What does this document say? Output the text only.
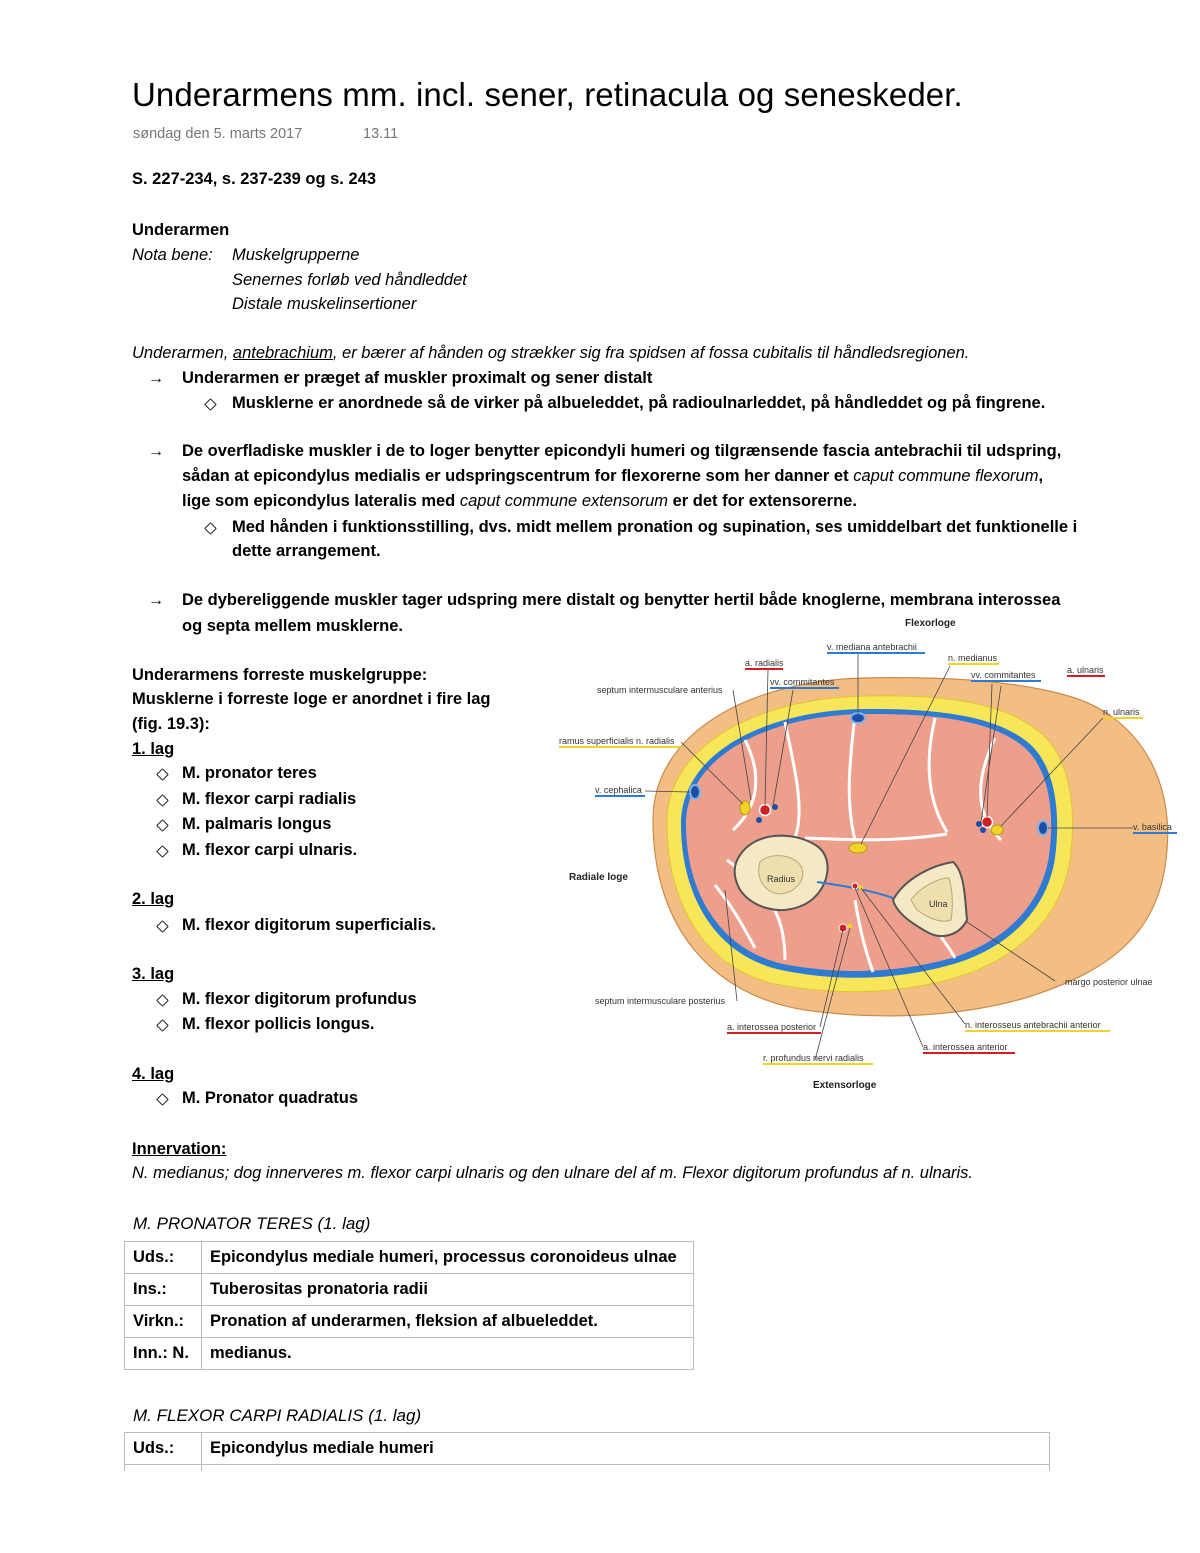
Underarmens mm. incl. sener, retinacula og seneskeder.
søndag den 5. marts 2017	13.11
S. 227-234, s. 237-239 og s. 243
Underarmen
Nota bene: Muskelgrupperne
Senernes forløb ved håndleddet
Distale muskelinsertioner
Underarmen, antebrachium, er bærer af hånden og strækker sig fra spidsen af fossa cubitalis til håndledsregionen.
→ Underarmen er præget af muskler proximalt og sener distalt
Musklerne er anordnede så de virker på albueleddet, på radioulnarleddet, på håndleddet og på fingrene.
→ De overfladiske muskler i de to loger benytter epicondyli humeri og tilgrænsende fascia antebrachii til udspring,
sådan at epicondylus medialis er udspringscentrum for flexorerne som her danner et caput commune flexorum,
lige som epicondylus lateralis med caput commune extensorum er det for extensorerne.
Med hånden i funktionsstilling, dvs. midt mellem pronation og supination, ses umiddelbart det funktionelle i
dette arrangement.
→ De dybereliggende muskler tager udspring mere distalt og benytter hertil både knoglerne, membrana interossea
og septa mellem musklerne.
Underarmens forreste muskelgruppe:
Musklerne i forreste loge er anordnet i fire lag
(fig. 19.3):
1. lag
M. pronator teres
M. flexor carpi radialis
M. palmaris longus
M. flexor carpi ulnaris.
2. lag
M. flexor digitorum superficialis.
3. lag
M. flexor digitorum profundus
M. flexor pollicis longus.
4. lag
M. Pronator quadratus
Innervation:
N. medianus; dog innerveres m. flexor carpi ulnaris og den ulnare del af m. Flexor digitorum profundus af n. ulnaris.
M. PRONATOR TERES (1. lag)
Uds.:	Epicondylus mediale humeri, processus coronoideus ulnae
Ins.:	Tuberositas pronatoria radii
Virkn.:	Pronation af underarmen, fleksion af albueleddet.
Inn.: N.	medianus.
M. FLEXOR CARPI RADIALIS (1. lag)
Uds.:	Epicondylus mediale humeri

Radius
Ulna
Flexorloge
v. mediana antebrachii
n. medianus
a. radialis
vv. commitantes
vv. commitantes	a. ulnaris
septum intermusculare anterius
n. ulnaris
ramus superficialis n. radialis
v. cephalica
v. basilica
Radiale loge
margo posterior ulnae
septum intermusculare posterius
n. interosseus antebrachii anterior
a. interossea posterior
a. interossea anterior
r. profundus nervi radialis
Extensorloge
